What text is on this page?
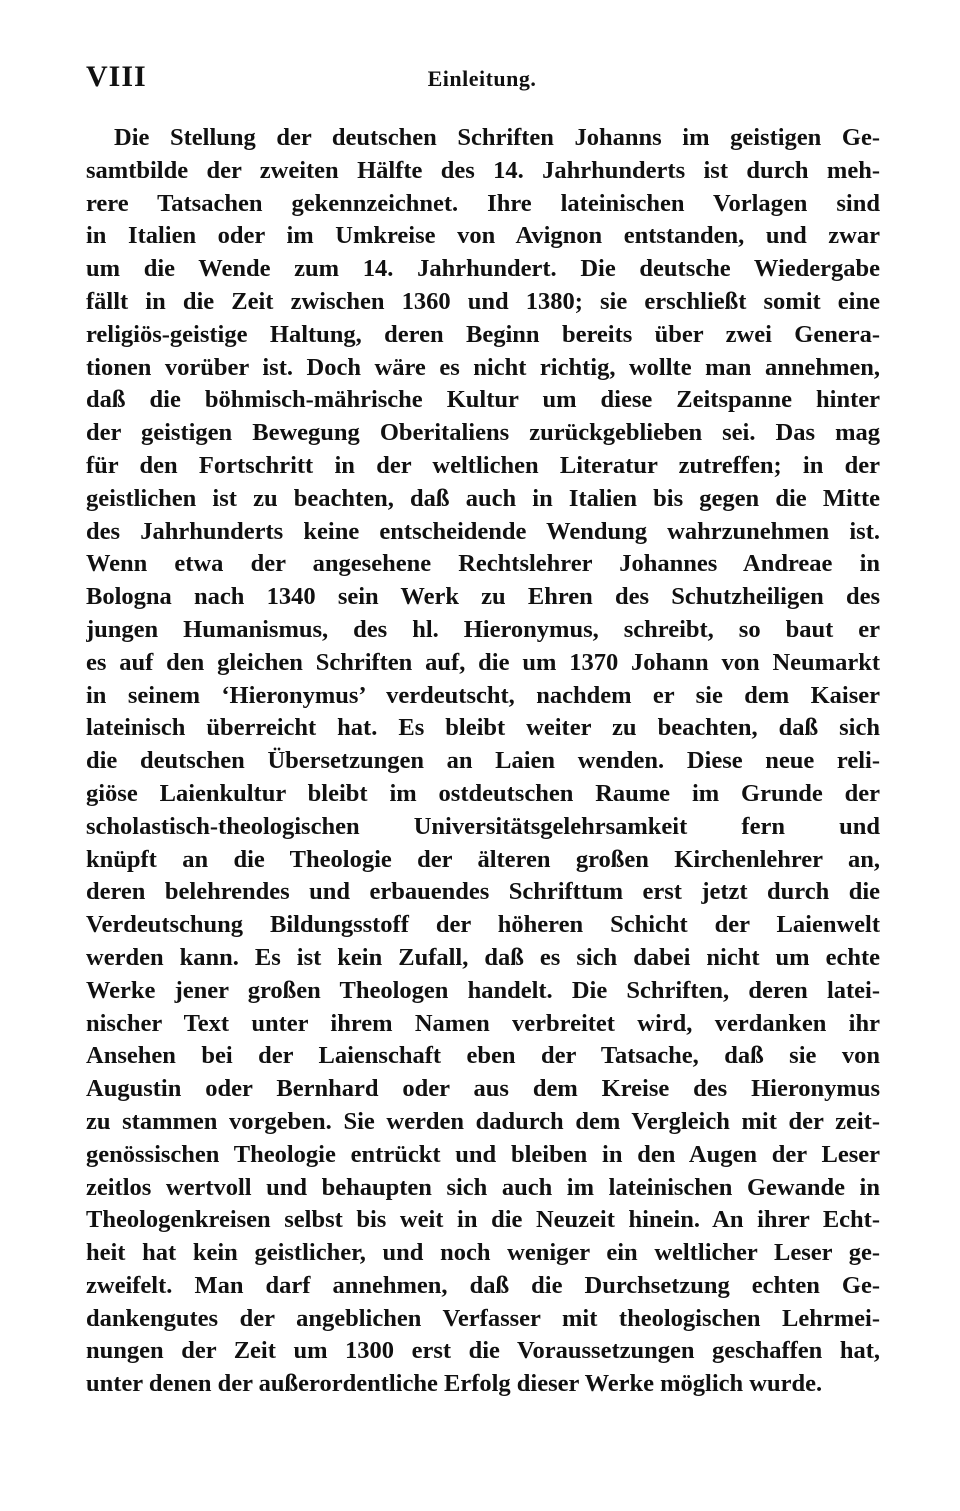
VIII	Einleitung.
Die Stellung der deutschen Schriften Johanns im geistigen Ge-
samtbilde der zweiten Hälfte des 14. Jahrhunderts ist durch meh-
rere Tatsachen gekennzeichnet. Ihre lateinischen Vorlagen sind
in Italien oder im Umkreise von Avignon entstanden, und zwar
um die Wende zum 14. Jahrhundert. Die deutsche Wiedergabe
fällt in die Zeit zwischen 1360 und 1380; sie erschließt somit eine
religiös-geistige Haltung, deren Beginn bereits über zwei Genera-
tionen vorüber ist. Doch wäre es nicht richtig, wollte man annehmen,
daß die böhmisch-mährische Kultur um diese Zeitspanne hinter
der geistigen Bewegung Oberitaliens zurückgeblieben sei. Das mag
für den Fortschritt in der weltlichen Literatur zutreffen; in der
geistlichen ist zu beachten, daß auch in Italien bis gegen die Mitte
des Jahrhunderts keine entscheidende Wendung wahrzunehmen ist.
Wenn etwa der angesehene Rechtslehrer Johannes Andreae in
Bologna nach 1340 sein Werk zu Ehren des Schutzheiligen des
jungen Humanismus, des hl. Hieronymus, schreibt, so baut er
es auf den gleichen Schriften auf, die um 1370 Johann von Neumarkt
in seinem ‘Hieronymus’ verdeutscht, nachdem er sie dem Kaiser
lateinisch überreicht hat. Es bleibt weiter zu beachten, daß sich
die deutschen Übersetzungen an Laien wenden. Diese neue reli-
giöse Laienkultur bleibt im ostdeutschen Raume im Grunde der
scholastisch-theologischen Universitätsgelehrsamkeit fern und
knüpft an die Theologie der älteren großen Kirchenlehrer an,
deren belehrendes und erbauendes Schrifttum erst jetzt durch die
Verdeutschung Bildungsstoff der höheren Schicht der Laienwelt
werden kann. Es ist kein Zufall, daß es sich dabei nicht um echte
Werke jener großen Theologen handelt. Die Schriften, deren latei-
nischer Text unter ihrem Namen verbreitet wird, verdanken ihr
Ansehen bei der Laienschaft eben der Tatsache, daß sie von
Augustin oder Bernhard oder aus dem Kreise des Hieronymus
zu stammen vorgeben. Sie werden dadurch dem Vergleich mit der zeit-
genössischen Theologie entrückt und bleiben in den Augen der Leser
zeitlos wertvoll und behaupten sich auch im lateinischen Gewande in
Theologenkreisen selbst bis weit in die Neuzeit hinein. An ihrer Echt-
heit hat kein geistlicher, und noch weniger ein weltlicher Leser ge-
zweifelt. Man darf annehmen, daß die Durchsetzung echten Ge-
dankengutes der angeblichen Verfasser mit theologischen Lehrmei-
nungen der Zeit um 1300 erst die Voraussetzungen geschaffen hat,
unter denen der außerordentliche Erfolg dieser Werke möglich wurde.
